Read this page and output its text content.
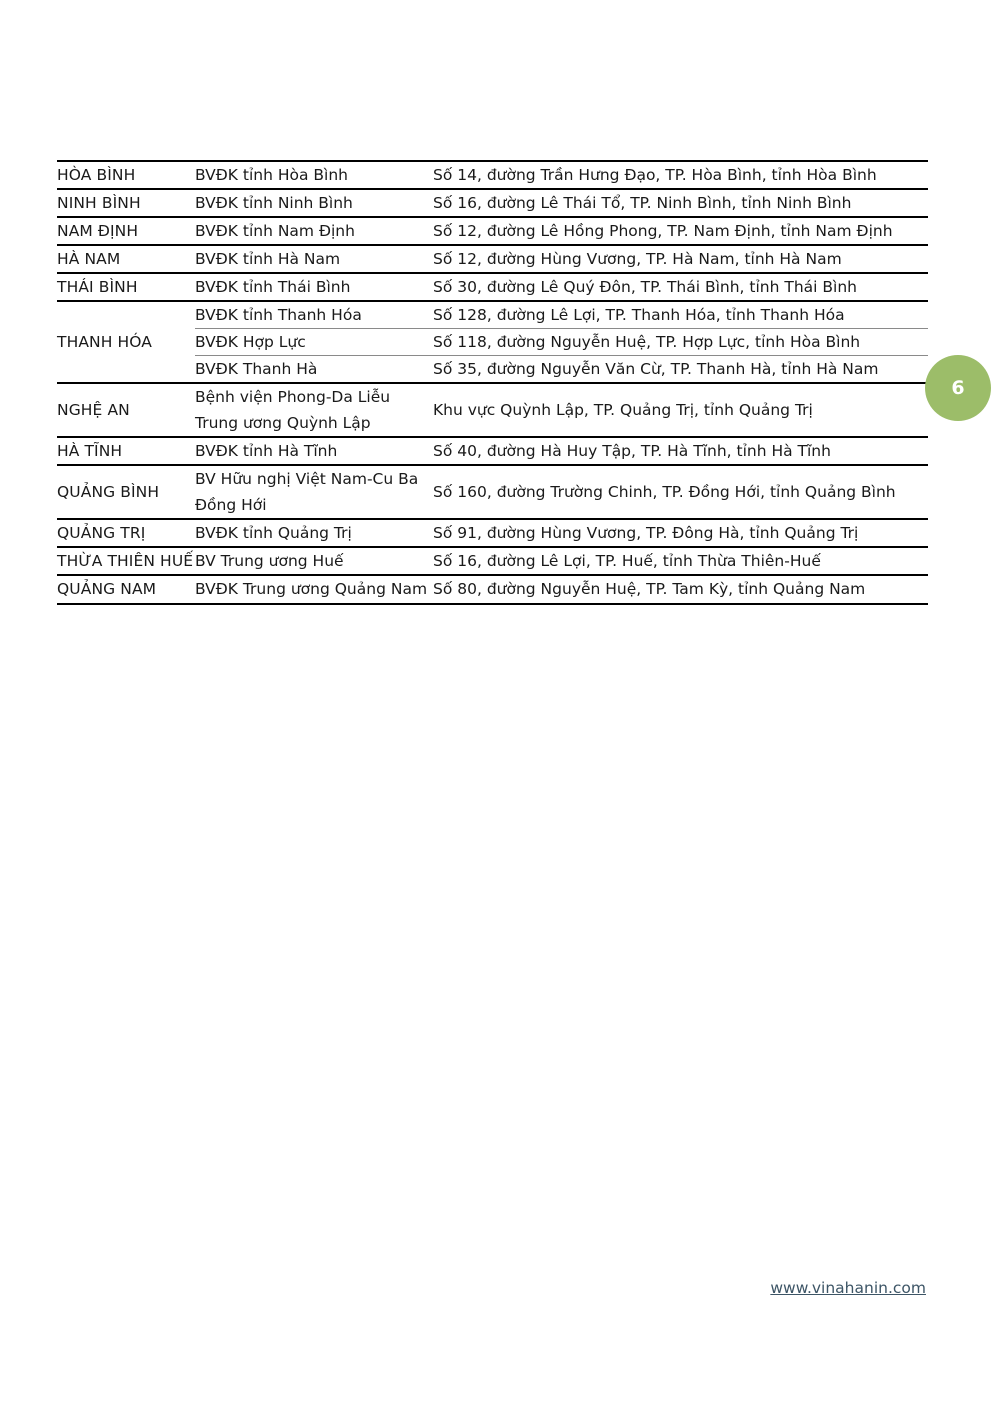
6
HÒA BÌNH	BVĐK tỉnh Hòa Bình	Số 14, đường Trần Hưng Đạo, TP. Hòa Bình, tỉnh Hòa Bình
NINH BÌNH	BVĐK tỉnh Ninh Bình	Số 16, đường Lê Thái Tổ, TP. Ninh Bình, tỉnh Ninh Bình
NAM ĐỊNH	BVĐK tỉnh Nam Định	Số 12, đường Lê Hồng Phong, TP. Nam Định, tỉnh Nam Định
HÀ NAM	BVĐK tỉnh Hà Nam	Số 12, đường Hùng Vương, TP. Hà Nam, tỉnh Hà Nam
THÁI BÌNH	BVĐK tỉnh Thái Bình	Số 30, đường Lê Quý Đôn, TP. Thái Bình, tỉnh Thái Bình
THANH HÓA	
BVĐK tỉnh Thanh Hóa	Số 128, đường Lê Lợi, TP. Thanh Hóa, tỉnh Thanh Hóa
BVĐK Hợp Lực	Số 118, đường Nguyễn Huệ, TP. Hợp Lực, tỉnh Hòa Bình
BVĐK Thanh Hà	Số 35, đường Nguyễn Văn Cừ, TP. Thanh Hà, tỉnh Hà Nam

NGHỆ AN	Bệnh viện Phong-Da Liễu Trung ương Quỳnh Lập	Khu vực Quỳnh Lập, TP. Quảng Trị, tỉnh Quảng Trị
HÀ TĨNH	BVĐK tỉnh Hà Tĩnh	Số 40, đường Hà Huy Tập, TP. Hà Tĩnh, tỉnh Hà Tĩnh
QUẢNG BÌNH	BV Hữu nghị Việt Nam-Cu Ba Đồng Hới	Số 160, đường Trường Chinh, TP. Đồng Hới, tỉnh Quảng Bình
QUẢNG TRỊ	BVĐK tỉnh Quảng Trị	Số 91, đường Hùng Vương, TP. Đông Hà, tỉnh Quảng Trị
THỪA THIÊN HUẾ	BV Trung ương Huế	Số 16, đường Lê Lợi, TP. Huế, tỉnh Thừa Thiên-Huế
QUẢNG NAM	BVĐK Trung ương Quảng Nam	Số 80, đường Nguyễn Huệ, TP. Tam Kỳ, tỉnh Quảng Nam
www.vinahanin.com
